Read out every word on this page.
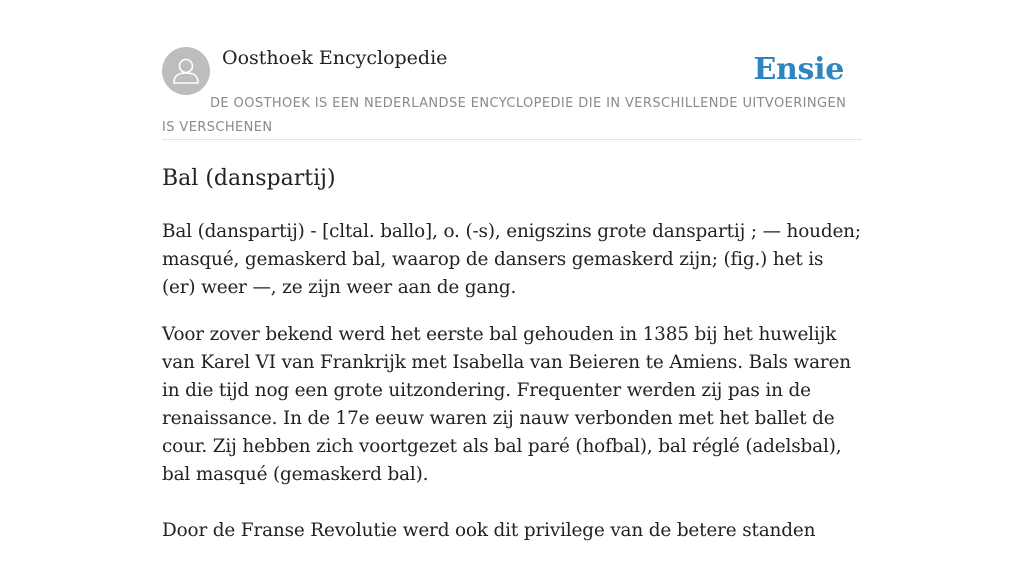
Oosthoek Encyclopedie	Ensie
DE OOSTHOEK IS EEN NEDERLANDSE ENCYCLOPEDIE DIE IN VERSCHILLENDE UITVOERINGEN IS VERSCHENEN
Bal (danspartij)

Bal (danspartij) - [cltal. ballo], o. (-s), enigszins grote danspartij ; — houden; masqué, gemaskerd bal, waarop de dansers gemaskerd zijn; (fig.) het is (er) weer —, ze zijn weer aan de gang.

Voor zover bekend werd het eerste bal gehouden in 1385 bij het huwelijk van Karel VI van Frankrijk met Isabella van Beieren te Amiens. Bals waren in die tijd nog een grote uitzondering. Frequenter werden zij pas in de renaissance. In de 17e eeuw waren zij nauw verbonden met het ballet de cour. Zij hebben zich voortgezet als bal paré (hofbal), bal réglé (adelsbal), bal masqué (gemaskerd bal).

Door de Franse Revolutie werd ook dit privilege van de betere standen
